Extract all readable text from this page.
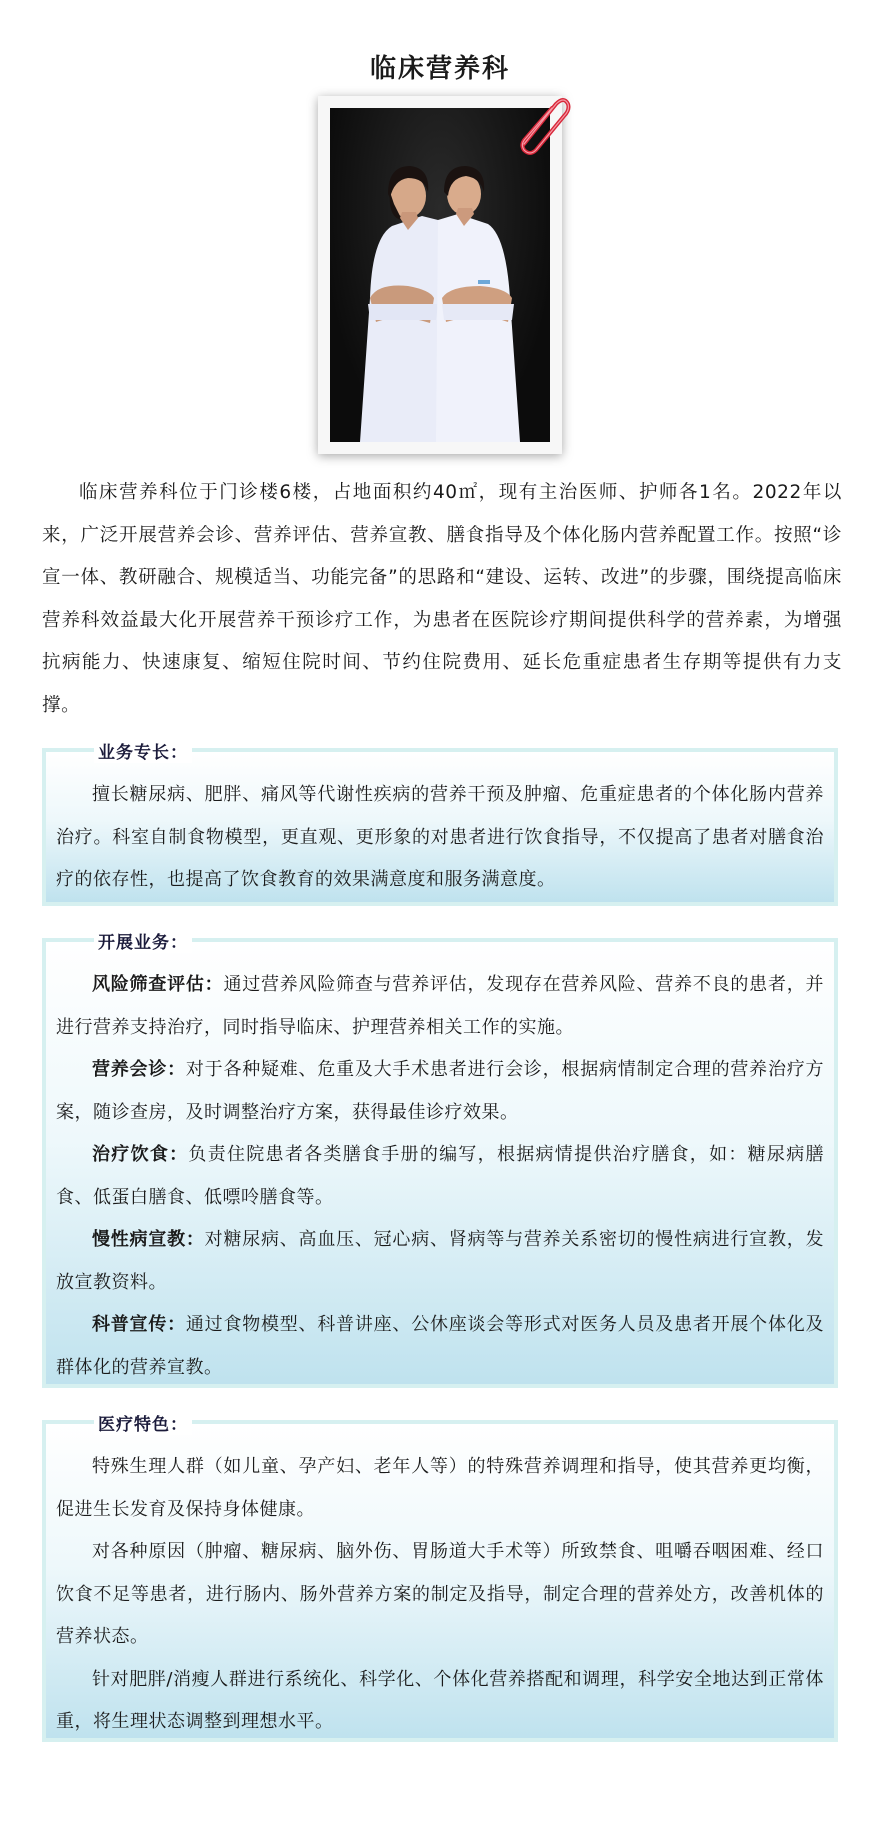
临床营养科
临床营养科位于门诊楼6楼，占地面积约40㎡，现有主治医师、护师各1名。2022年以来，广泛开展营养会诊、营养评估、营养宣教、膳食指导及个体化肠内营养配置工作。按照“诊宣一体、教研融合、规模适当、功能完备”的思路和“建设、运转、改进”的步骤，围绕提高临床营养科效益最大化开展营养干预诊疗工作，为患者在医院诊疗期间提供科学的营养素，为增强抗病能力、快速康复、缩短住院时间、节约住院费用、延长危重症患者生存期等提供有力支撑。
业务专长：

擅长糖尿病、肥胖、痛风等代谢性疾病的营养干预及肿瘤、危重症患者的个体化肠内营养治疗。科室自制食物模型，更直观、更形象的对患者进行饮食指导，不仅提高了患者对膳食治疗的依存性，也提高了饮食教育的效果满意度和服务满意度。

开展业务：

风险筛查评估：通过营养风险筛查与营养评估，发现存在营养风险、营养不良的患者，并进行营养支持治疗，同时指导临床、护理营养相关工作的实施。

营养会诊：对于各种疑难、危重及大手术患者进行会诊，根据病情制定合理的营养治疗方案，随诊查房，及时调整治疗方案，获得最佳诊疗效果。

治疗饮食：负责住院患者各类膳食手册的编写，根据病情提供治疗膳食，如：糖尿病膳食、低蛋白膳食、低嘌呤膳食等。

慢性病宣教：对糖尿病、高血压、冠心病、肾病等与营养关系密切的慢性病进行宣教，发放宣教资料。

科普宣传：通过食物模型、科普讲座、公休座谈会等形式对医务人员及患者开展个体化及群体化的营养宣教。

医疗特色：

特殊生理人群（如儿童、孕产妇、老年人等）的特殊营养调理和指导，使其营养更均衡，促进生长发育及保持身体健康。

对各种原因（肿瘤、糖尿病、脑外伤、胃肠道大手术等）所致禁食、咀嚼吞咽困难、经口饮食不足等患者，进行肠内、肠外营养方案的制定及指导，制定合理的营养处方，改善机体的营养状态。

针对肥胖/消瘦人群进行系统化、科学化、个体化营养搭配和调理，科学安全地达到正常体重，将生理状态调整到理想水平。
